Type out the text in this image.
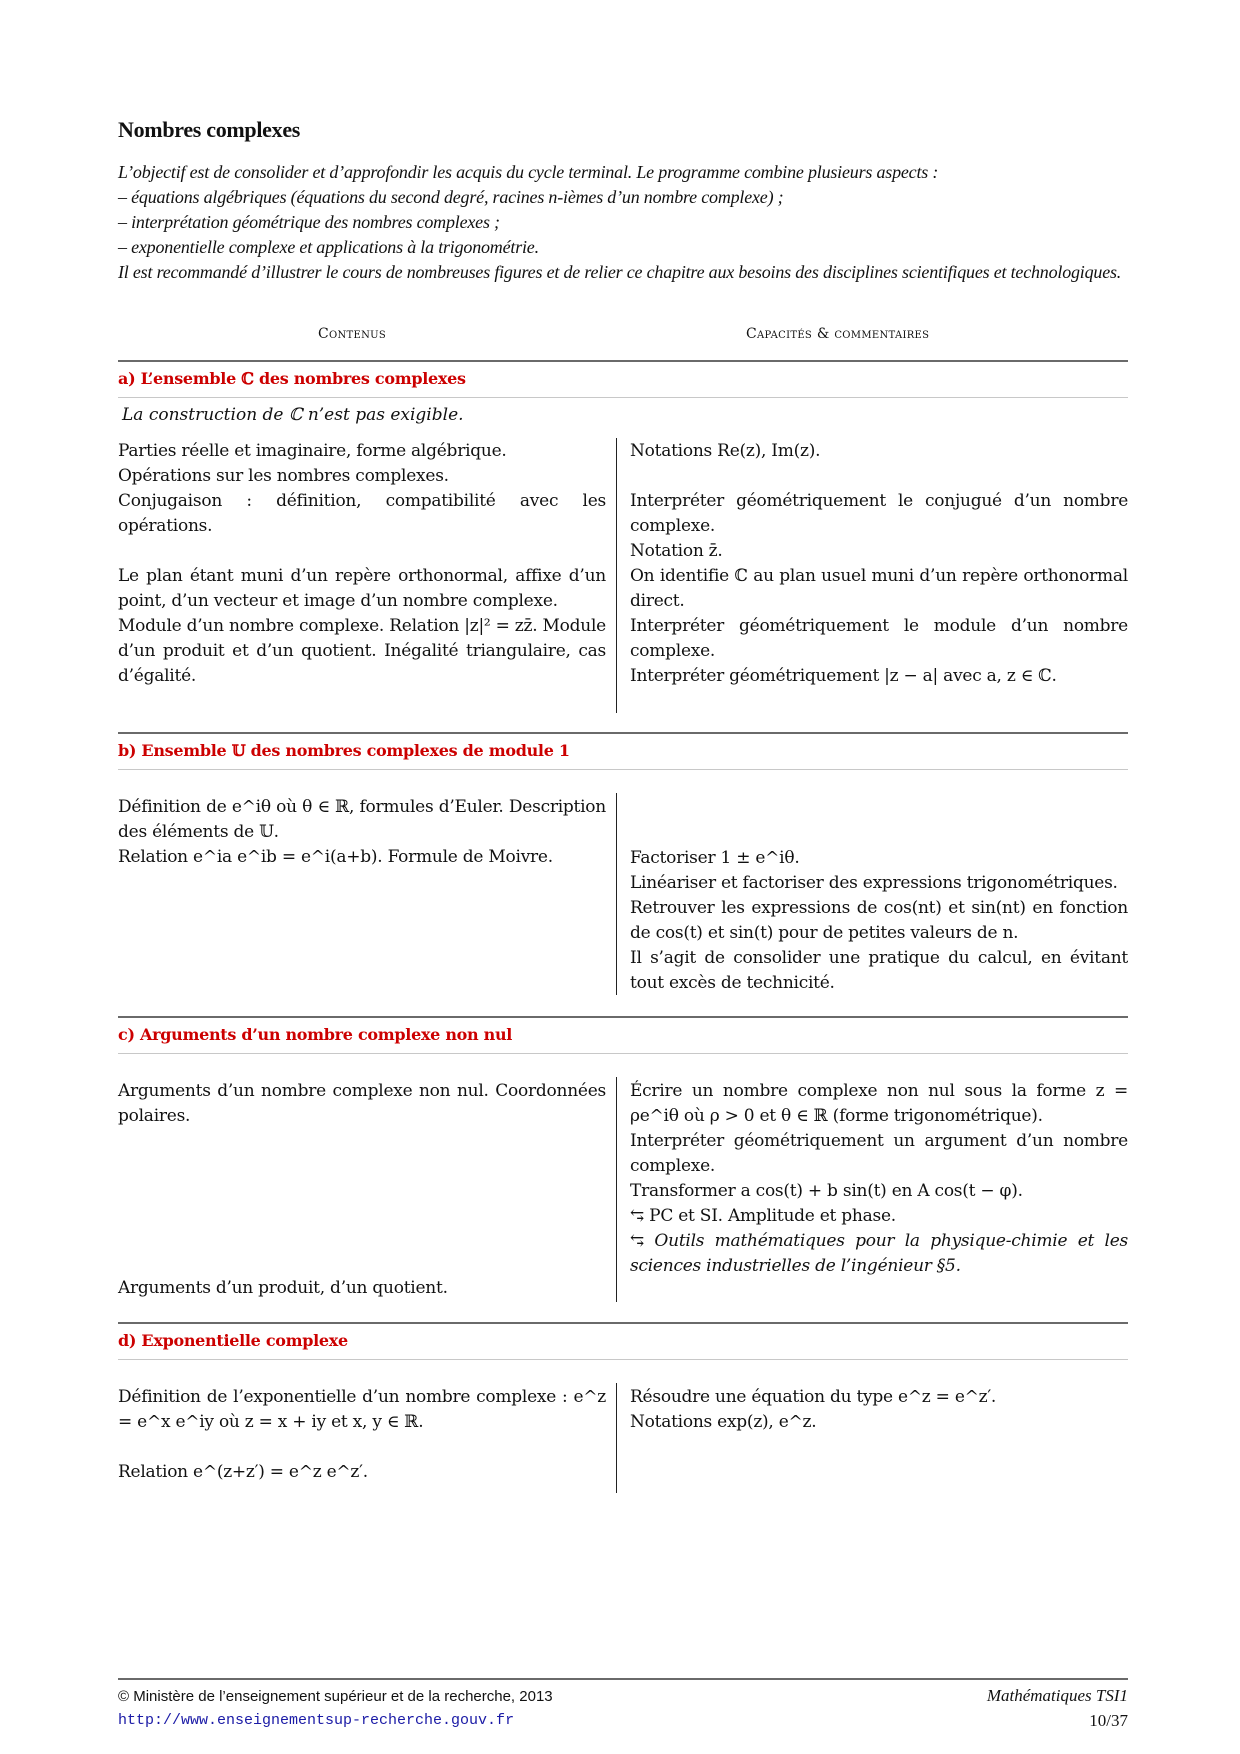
Nombres complexes

L’objectif est de consolider et d’approfondir les acquis du cycle terminal. Le programme combine plusieurs aspects :

– équations algébriques (équations du second degré, racines n-ièmes d’un nombre complexe) ;

– interprétation géométrique des nombres complexes ;

– exponentielle complexe et applications à la trigonométrie.

Il est recommandé d’illustrer le cours de nombreuses figures et de relier ce chapitre aux besoins des disciplines scientifiques et technologiques.

Contenus	Capacités & commentaires
a) L’ensemble ℂ des nombres complexes
La construction de ℂ n’est pas exigible.

Parties réelle et imaginaire, forme algébrique.

Opérations sur les nombres complexes.

Conjugaison : définition, compatibilité avec les opérations.

Le plan étant muni d’un repère orthonormal, affixe d’un point, d’un vecteur et image d’un nombre complexe.

Module d’un nombre complexe. Relation |z|² = zz̄. Module d’un produit et d’un quotient. Inégalité triangulaire, cas d’égalité.

Notations Re(z), Im(z).

Interpréter géométriquement le conjugué d’un nombre complexe.

Notation z̄.

On identifie ℂ au plan usuel muni d’un repère orthonormal direct.

Interpréter géométriquement le module d’un nombre complexe.

Interpréter géométriquement |z − a| avec a, z ∈ ℂ.

b) Ensemble 𝕌 des nombres complexes de module 1

Définition de e^iθ où θ ∈ ℝ, formules d’Euler. Description des éléments de 𝕌.

Relation e^ia e^ib = e^i(a+b). Formule de Moivre.	Factoriser 1 ± e^iθ.

Linéariser et factoriser des expressions trigonométriques.

Retrouver les expressions de cos(nt) et sin(nt) en fonction de cos(t) et sin(t) pour de petites valeurs de n.

Il s’agit de consolider une pratique du calcul, en évitant tout excès de technicité.

c) Arguments d’un nombre complexe non nul

Arguments d’un nombre complexe non nul. Coordonnées polaires.

Arguments d’un produit, d’un quotient.

Écrire un nombre complexe non nul sous la forme z = ρe^iθ où ρ > 0 et θ ∈ ℝ (forme trigonométrique).

Interpréter géométriquement un argument d’un nombre complexe.

Transformer a cos(t) + b sin(t) en A cos(t − φ).

⥃ PC et SI. Amplitude et phase.

⥃ Outils mathématiques pour la physique-chimie et les sciences industrielles de l’ingénieur §5.

d) Exponentielle complexe

Définition de l’exponentielle d’un nombre complexe : e^z = e^x e^iy où z = x + iy et x, y ∈ ℝ.

Relation e^(z+z′) = e^z e^z′.

Résoudre une équation du type e^z = e^z′.

Notations exp(z), e^z.

© Ministère de l’enseignement supérieur et de la recherche, 2013
http://www.enseignementsup-recherche.gouv.fr
Mathématiques TSI1
10/37
